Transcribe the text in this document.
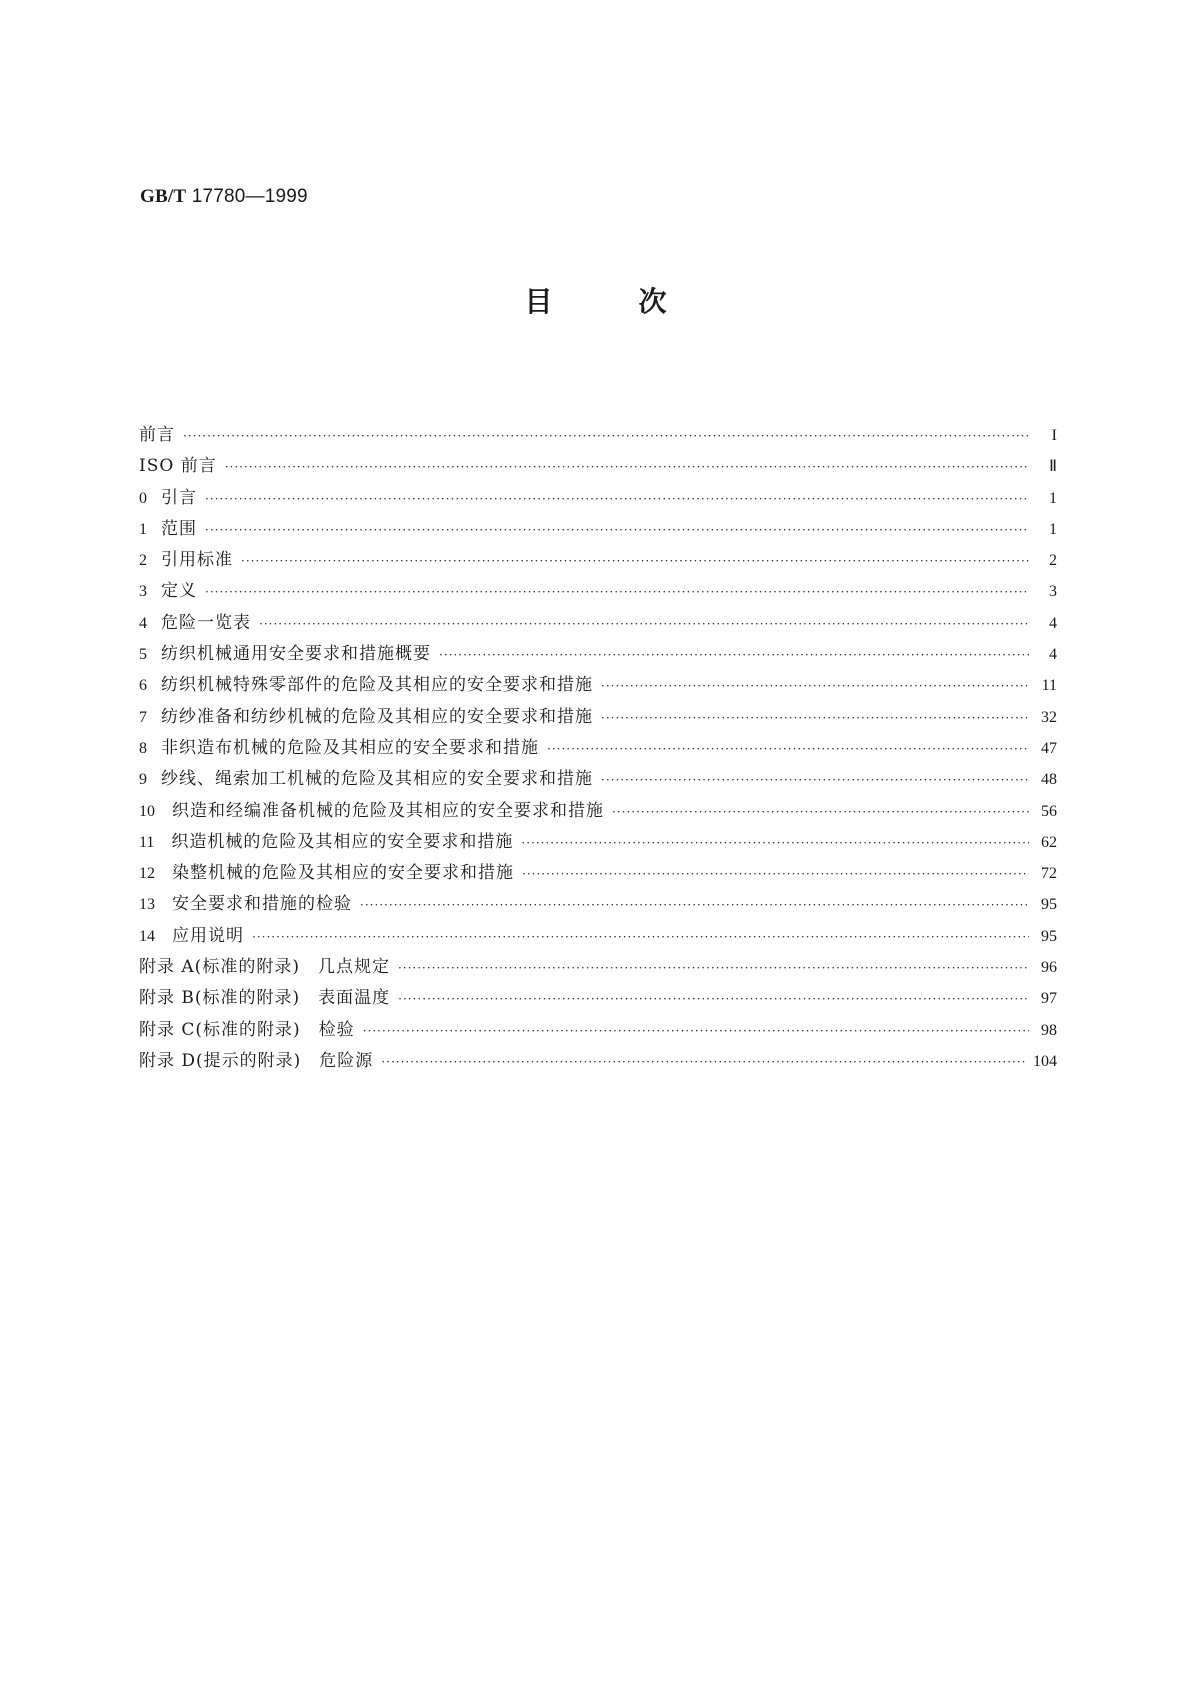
GB/T 17780—1999
目次
前言 ·····	I
ISO 前言 ·····	Ⅱ
0 引言 ·····	1
1 范围 ·····	1
2 引用标准 ·····	2
3 定义 ·····	3
4 危险一览表 ·····	4
5 纺织机械通用安全要求和措施概要 ·····	4
6 纺织机械特殊零部件的危险及其相应的安全要求和措施 ·····	11
7 纺纱准备和纺纱机械的危险及其相应的安全要求和措施 ·····	32
8 非织造布机械的危险及其相应的安全要求和措施 ·····	47
9 纱线、绳索加工机械的危险及其相应的安全要求和措施 ·····	48
10 织造和经编准备机械的危险及其相应的安全要求和措施 ·····	56
11 织造机械的危险及其相应的安全要求和措施 ·····	62
12 染整机械的危险及其相应的安全要求和措施 ·····	72
13 安全要求和措施的检验 ·····	95
14 应用说明 ·····	95
附录 A(标准的附录)　几点规定 ·····	96
附录 B(标准的附录)　表面温度 ·····	97
附录 C(标准的附录)　检验 ·····	98
附录 D(提示的附录)　危险源 ·····	104
